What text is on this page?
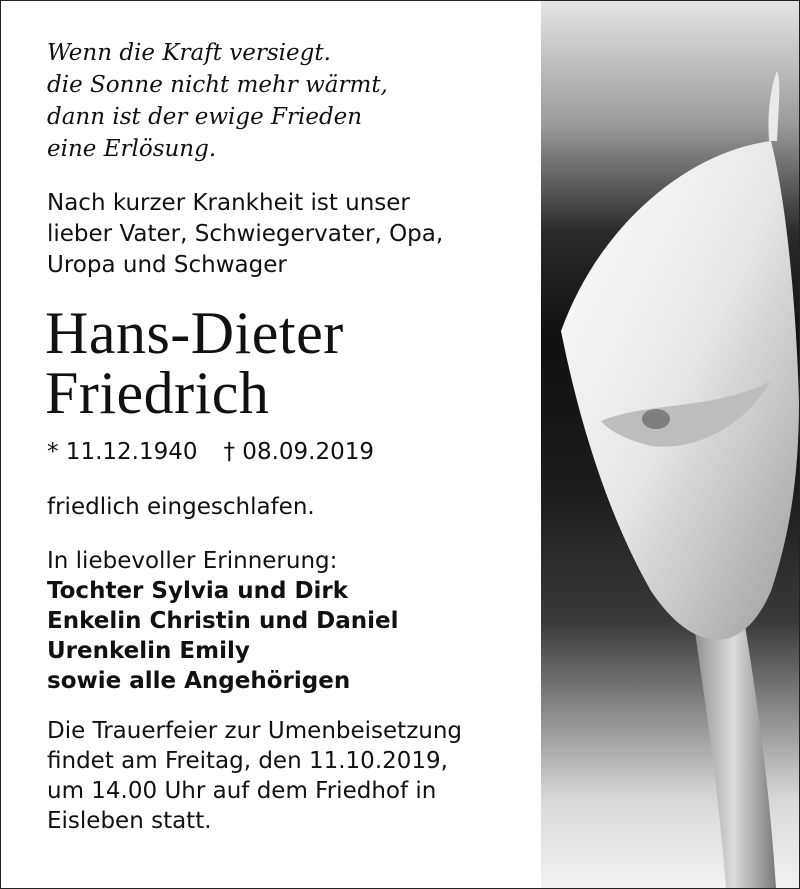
Wenn die Kraft versiegt.
die Sonne nicht mehr wärmt,
dann ist der ewige Frieden
eine Erlösung.
Nach kurzer Krankheit ist unser
lieber Vater, Schwiegervater, Opa,
Uropa und Schwager
Hans-Dieter
Friedrich
* 11.12.1940 † 08.09.2019

friedlich eingeschlafen.

In liebevoller Erinnerung:
Tochter Sylvia und Dirk
Enkelin Christin und Daniel
Urenkelin Emily
sowie alle Angehörigen
Die Trauerfeier zur Umenbeisetzung
findet am Freitag, den 11.10.2019,
um 14.00 Uhr auf dem Friedhof in
Eisleben statt.
